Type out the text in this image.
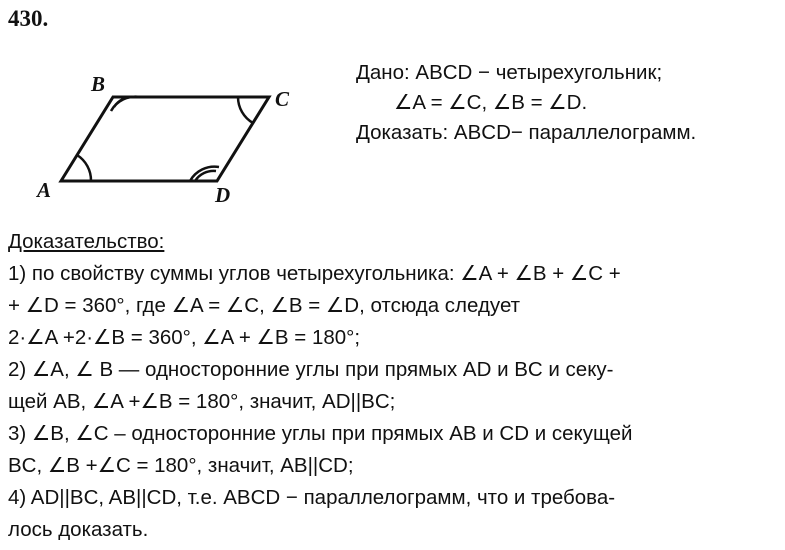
430.
A
B
C
D
Дано: ABCD − четырехугольник;
∠A = ∠C, ∠B = ∠D.
Доказать: ABCD− параллелограмм.
Доказательство:
1) по свойству суммы углов четырехугольника: ∠A + ∠B + ∠C +
+ ∠D = 360°, где ∠A = ∠C, ∠B = ∠D, отсюда следует
2·∠A +2·∠B = 360°, ∠A + ∠B = 180°;
2) ∠A, ∠ B — односторонние углы при прямых AD и BC и секу-
щей AB, ∠A +∠B = 180°, значит, AD||BC;
3) ∠B, ∠C – односторонние углы при прямых AB и CD и секущей
BC, ∠B +∠C = 180°, значит, AB||CD;
4) AD||BC, AB||CD, т.е. ABCD − параллелограмм, что и требова-
лось доказать.
